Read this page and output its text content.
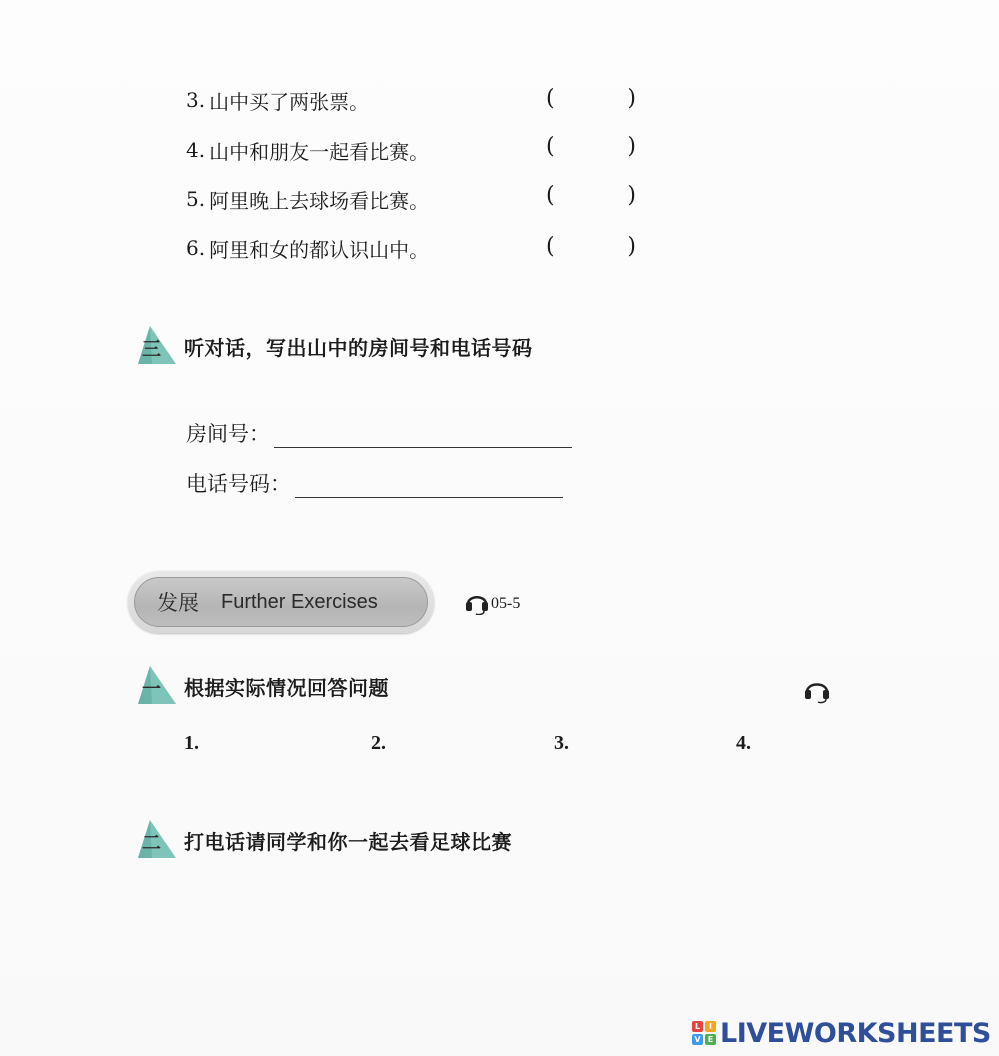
3. 山中买了两张票。	(	)
4. 山中和朋友一起看比赛。	(	)
5. 阿里晚上去球场看比赛。	(	)
6. 阿里和女的都认识山中。	(	)
三 听对话，写出山中的房间号和电话号码
房间号：
电话号码：
发展 Further Exercises	05-5
一 根据实际情况回答问题
1.	2.	3.	4.
二 打电话请同学和你一起去看足球比赛
L	I
V E LIVEWORKSHEETS
